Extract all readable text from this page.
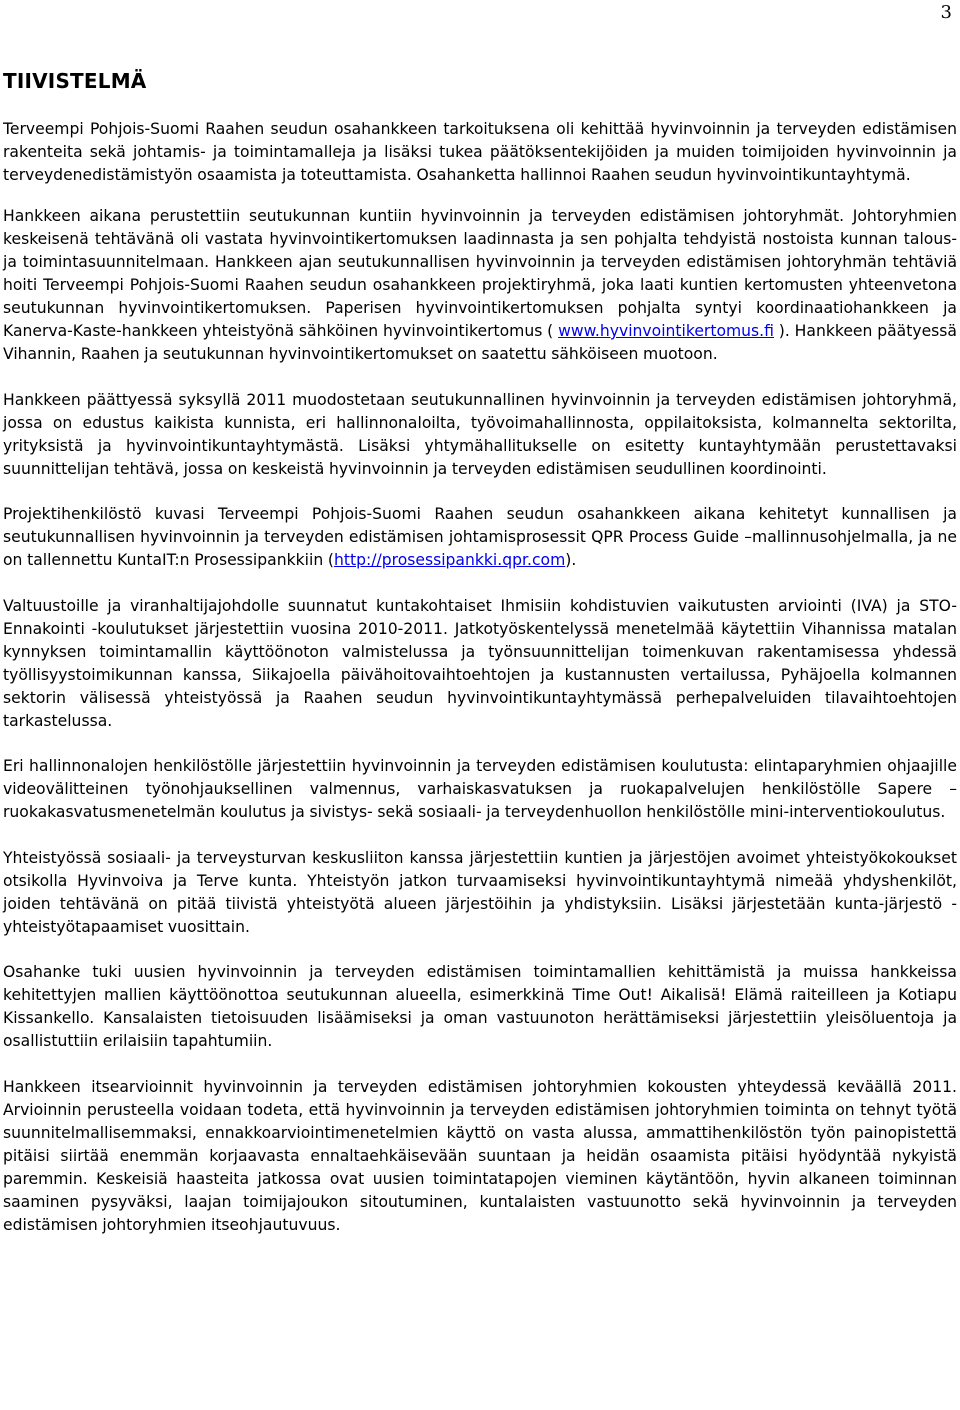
3
TIIVISTELMÄ

Terveempi Pohjois-Suomi Raahen seudun osahankkeen tarkoituksena oli kehittää hyvinvoinnin ja terveyden edistämisen rakenteita sekä johtamis- ja toimintamalleja ja lisäksi tukea päätöksentekijöiden ja muiden toimijoiden hyvinvoinnin ja terveydenedistämistyön osaamista ja toteuttamista. Osahanketta hallinnoi Raahen seudun hyvinvointikuntayhtymä.

Hankkeen aikana perustettiin seutukunnan kuntiin hyvinvoinnin ja terveyden edistämisen johtoryhmät. Johtoryhmien keskeisenä tehtävänä oli vastata hyvinvointikertomuksen laadinnasta ja sen pohjalta tehdyistä nostoista kunnan talous- ja toimintasuunnitelmaan. Hankkeen ajan seutukunnallisen hyvinvoinnin ja terveyden edistämisen johtoryhmän tehtäviä hoiti Terveempi Pohjois-Suomi Raahen seudun osahankkeen projektiryhmä, joka laati kuntien kertomusten yhteenvetona seutukunnan hyvinvointikertomuksen. Paperisen hyvinvointikertomuksen pohjalta syntyi koordinaatiohankkeen ja Kanerva-Kaste-hankkeen yhteistyönä sähköinen hyvinvointikertomus ( www.hyvinvointikertomus.fi ). Hankkeen päätyessä Vihannin, Raahen ja seutukunnan hyvinvointikertomukset on saatettu sähköiseen muotoon.

Hankkeen päättyessä syksyllä 2011 muodostetaan seutukunnallinen hyvinvoinnin ja terveyden edistämisen johtoryhmä, jossa on edustus kaikista kunnista, eri hallinnonaloilta, työvoimahallinnosta, oppilaitoksista, kolmannelta sektorilta, yrityksistä ja hyvinvointikuntayhtymästä. Lisäksi yhtymähallitukselle on esitetty kuntayhtymään perustettavaksi suunnittelijan tehtävä, jossa on keskeistä hyvinvoinnin ja terveyden edistämisen seudullinen koordinointi.

Projektihenkilöstö kuvasi Terveempi Pohjois-Suomi Raahen seudun osahankkeen aikana kehitetyt kunnallisen ja seutukunnallisen hyvinvoinnin ja terveyden edistämisen johtamisprosessit QPR Process Guide –mallinnusohjelmalla, ja ne on tallennettu KuntaIT:n Prosessipankkiin (http://prosessipankki.qpr.com).

Valtuustoille ja viranhaltijajohdolle suunnatut kuntakohtaiset Ihmisiin kohdistuvien vaikutusten arviointi (IVA) ja STO-Ennakointi -koulutukset järjestettiin vuosina 2010-2011. Jatkotyöskentelyssä menetelmää käytettiin Vihannissa matalan kynnyksen toimintamallin käyttöönoton valmistelussa ja työnsuunnittelijan toimenkuvan rakentamisessa yhdessä työllisyystoimikunnan kanssa, Siikajoella päivähoitovaihtoehtojen ja kustannusten vertailussa, Pyhäjoella kolmannen sektorin välisessä yhteistyössä ja Raahen seudun hyvinvointikuntayhtymässä perhepalveluiden tilavaihtoehtojen tarkastelussa.

Eri hallinnonalojen henkilöstölle järjestettiin hyvinvoinnin ja terveyden edistämisen koulutusta: elintaparyhmien ohjaajille videovälitteinen työnohjauksellinen valmennus, varhaiskasvatuksen ja ruokapalvelujen henkilöstölle Sapere –ruokakasvatusmenetelmän koulutus ja sivistys- sekä sosiaali- ja terveydenhuollon henkilöstölle mini-interventiokoulutus.

Yhteistyössä sosiaali- ja terveysturvan keskusliiton kanssa järjestettiin kuntien ja järjestöjen avoimet yhteistyökokoukset otsikolla Hyvinvoiva ja Terve kunta. Yhteistyön jatkon turvaamiseksi hyvinvointikuntayhtymä nimeää yhdyshenkilöt, joiden tehtävänä on pitää tiivistä yhteistyötä alueen järjestöihin ja yhdistyksiin. Lisäksi järjestetään kunta-järjestö -yhteistyötapaamiset vuosittain.

Osahanke tuki uusien hyvinvoinnin ja terveyden edistämisen toimintamallien kehittämistä ja muissa hankkeissa kehitettyjen mallien käyttöönottoa seutukunnan alueella, esimerkkinä Time Out! Aikalisä! Elämä raiteilleen ja Kotiapu Kissankello. Kansalaisten tietoisuuden lisäämiseksi ja oman vastuunoton herättämiseksi järjestettiin yleisöluentoja ja osallistuttiin erilaisiin tapahtumiin.

Hankkeen itsearvioinnit hyvinvoinnin ja terveyden edistämisen johtoryhmien kokousten yhteydessä keväällä 2011. Arvioinnin perusteella voidaan todeta, että hyvinvoinnin ja terveyden edistämisen johtoryhmien toiminta on tehnyt työtä suunnitelmallisemmaksi, ennakkoarviointimenetelmien käyttö on vasta alussa, ammattihenkilöstön työn painopistettä pitäisi siirtää enemmän korjaavasta ennaltaehkäisevään suuntaan ja heidän osaamista pitäisi hyödyntää nykyistä paremmin. Keskeisiä haasteita jatkossa ovat uusien toimintatapojen vieminen käytäntöön, hyvin alkaneen toiminnan saaminen pysyväksi, laajan toimijajoukon sitoutuminen, kuntalaisten vastuunotto sekä hyvinvoinnin ja terveyden edistämisen johtoryhmien itseohjautuvuus.
